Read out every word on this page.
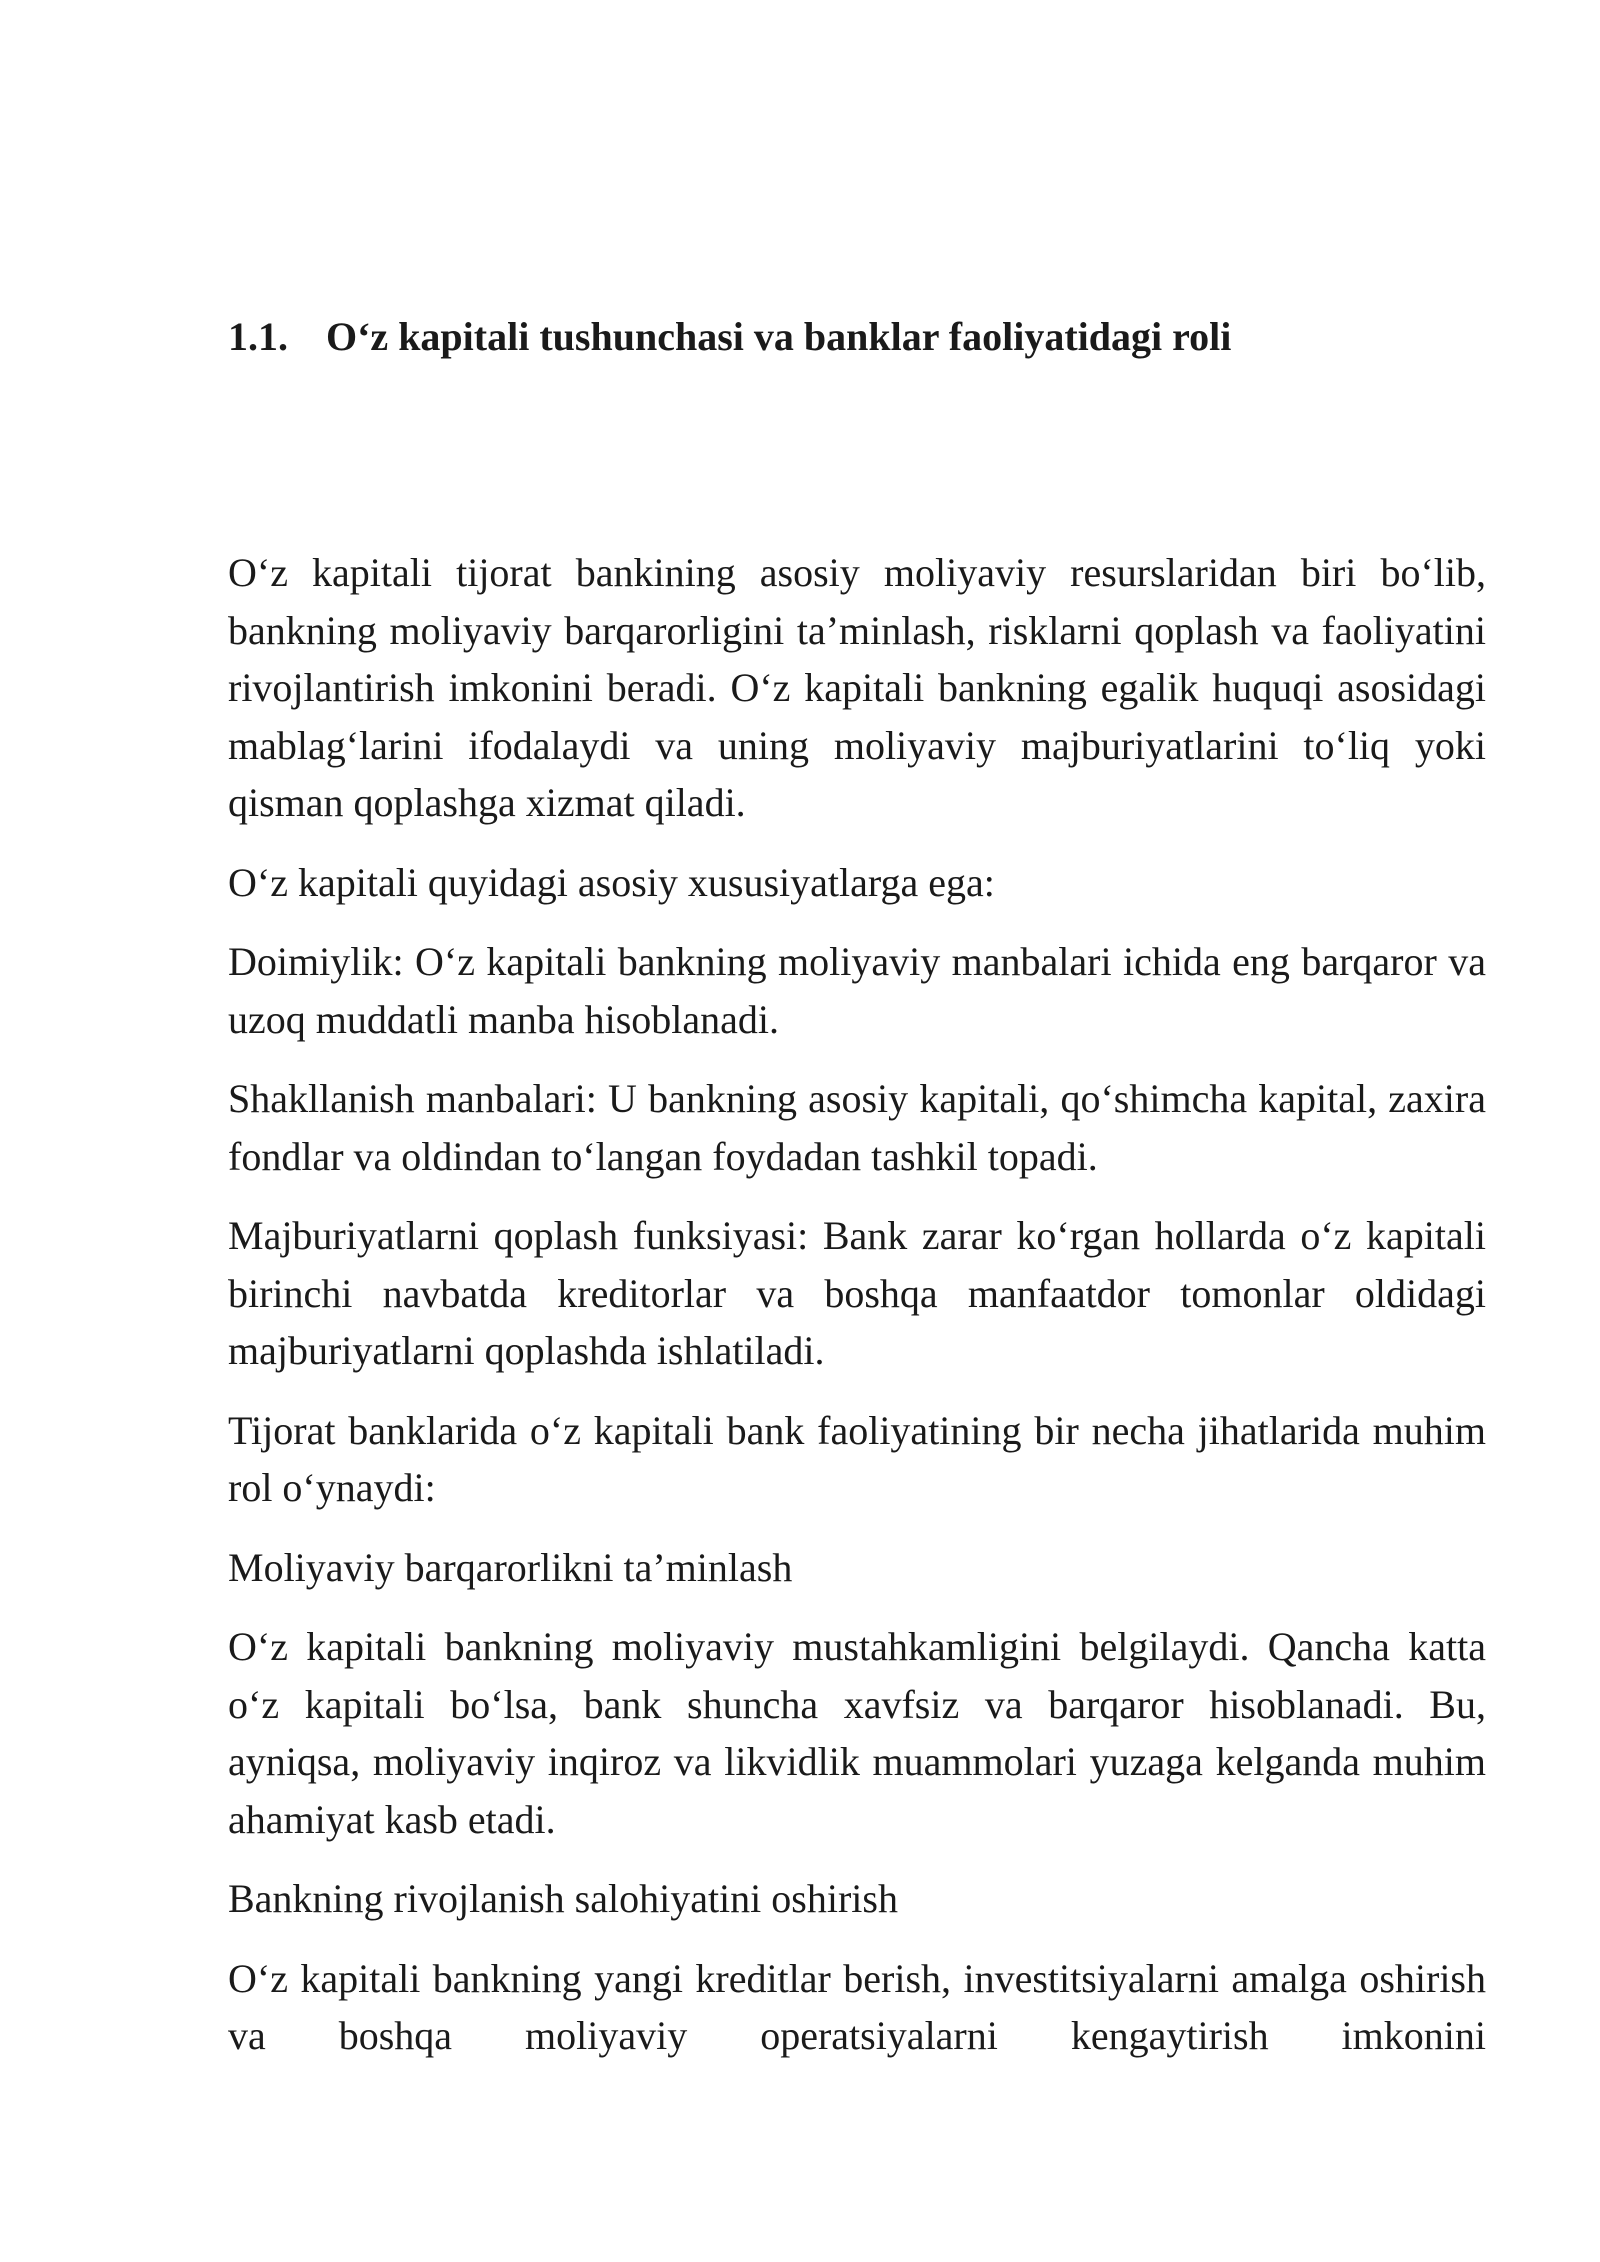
1.1. O‘z kapitali tushunchasi va banklar faoliyatidagi roli

O‘z kapitali tijorat bankining asosiy moliyaviy resurslaridan biri bo‘lib, bankning moliyaviy barqarorligini ta’minlash, risklarni qoplash va faoliyatini rivojlantirish imkonini beradi. O‘z kapitali bankning egalik huquqi asosidagi mablag‘larini ifodalaydi va uning moliyaviy majburiyatlarini to‘liq yoki qisman qoplashga xizmat qiladi.

O‘z kapitali quyidagi asosiy xususiyatlarga ega:

Doimiylik: O‘z kapitali bankning moliyaviy manbalari ichida eng barqaror va uzoq muddatli manba hisoblanadi.

Shakllanish manbalari: U bankning asosiy kapitali, qo‘shimcha kapital, zaxira fondlar va oldindan to‘langan foydadan tashkil topadi.

Majburiyatlarni qoplash funksiyasi: Bank zarar ko‘rgan hollarda o‘z kapitali birinchi navbatda kreditorlar va boshqa manfaatdor tomonlar oldidagi majburiyatlarni qoplashda ishlatiladi.

Tijorat banklarida o‘z kapitali bank faoliyatining bir necha jihatlarida muhim rol o‘ynaydi:

Moliyaviy barqarorlikni ta’minlash

O‘z kapitali bankning moliyaviy mustahkamligini belgilaydi. Qancha katta o‘z kapitali bo‘lsa, bank shuncha xavfsiz va barqaror hisoblanadi. Bu, ayniqsa, moliyaviy inqiroz va likvidlik muammolari yuzaga kelganda muhim ahamiyat kasb etadi.

Bankning rivojlanish salohiyatini oshirish

O‘z kapitali bankning yangi kreditlar berish, investitsiyalarni amalga oshirish va boshqa moliyaviy operatsiyalarni kengaytirish imkonini
